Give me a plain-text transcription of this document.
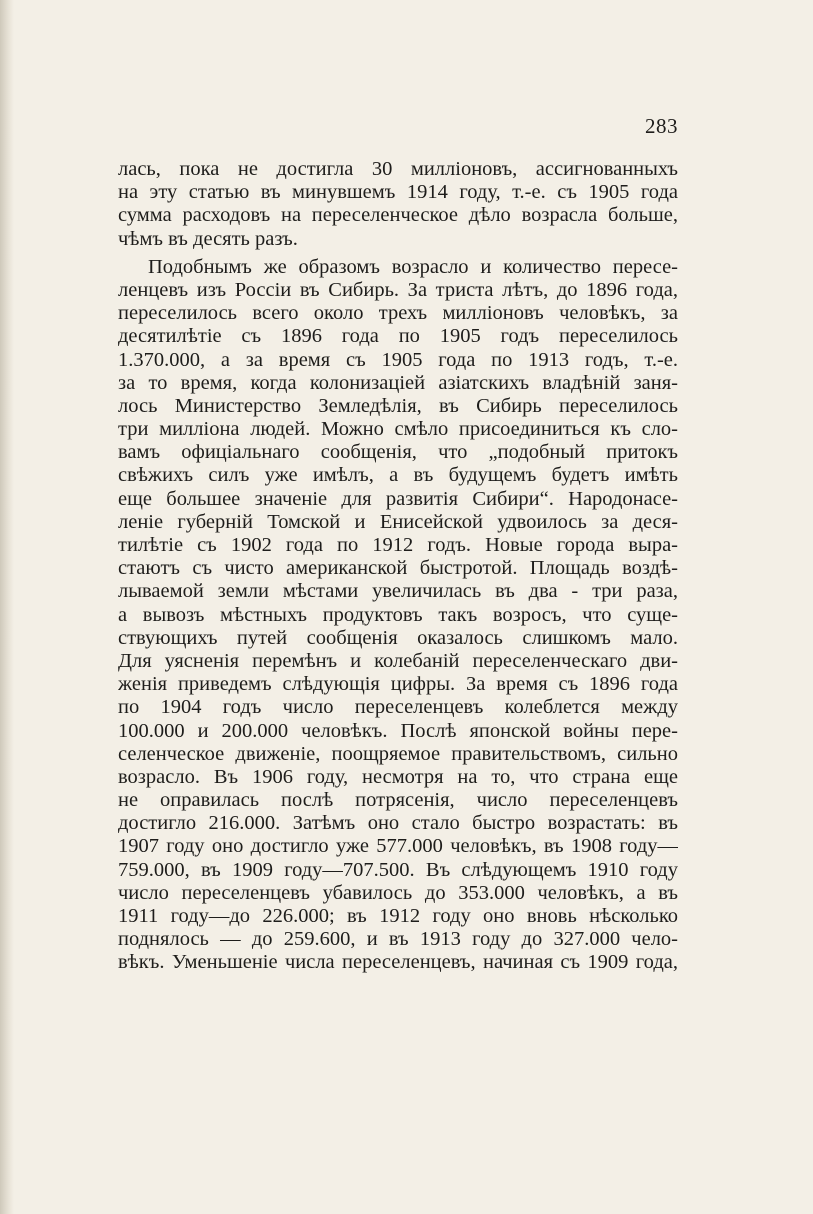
283
лась, пока не достигла 30 милліоновъ, ассигнованныхъ
на эту статью въ минувшемъ 1914 году, т.-е. съ 1905 года
сумма расходовъ на переселенческое дѣло возрасла больше,
чѣмъ въ десять разъ.
Подобнымъ же образомъ возрасло и количество пересе-
ленцевъ изъ Россіи въ Сибирь. За триста лѣтъ, до 1896 года,
переселилось всего около трехъ милліоновъ человѣкъ, за
десятилѣтіе съ 1896 года по 1905 годъ переселилось
1.370.000, а за время съ 1905 года по 1913 годъ, т.-е.
за то время, когда колонизаціей азіатскихъ владѣній заня-
лось Министерство Земледѣлія, въ Сибирь переселилось
три милліона людей. Можно смѣло присоединиться къ сло-
вамъ офиціальнаго сообщенія, что „подобный притокъ
свѣжихъ силъ уже имѣлъ, а въ будущемъ будетъ имѣть
еще большее значеніе для развитія Сибири“. Народонасе-
леніе губерній Томской и Енисейской удвоилось за деся-
тилѣтіе съ 1902 года по 1912 годъ. Новые города выра-
стаютъ съ чисто американской быстротой. Площадь воздѣ-
лываемой земли мѣстами увеличилась въ два - три раза,
а вывозъ мѣстныхъ продуктовъ такъ возросъ, что суще-
ствующихъ путей сообщенія оказалось слишкомъ мало.
Для уясненія перемѣнъ и колебаній переселенческаго дви-
женія приведемъ слѣдующія цифры. За время съ 1896 года
по 1904 годъ число переселенцевъ колеблется между
100.000 и 200.000 человѣкъ. Послѣ японской войны пере-
селенческое движеніе, поощряемое правительствомъ, сильно
возрасло. Въ 1906 году, несмотря на то, что страна еще
не оправилась послѣ потрясенія, число переселенцевъ
достигло 216.000. Затѣмъ оно стало быстро возрастать: въ
1907 году оно достигло уже 577.000 человѣкъ, въ 1908 году—
759.000, въ 1909 году—707.500. Въ слѣдующемъ 1910 году
число переселенцевъ убавилось до 353.000 человѣкъ, а въ
1911 году—до 226.000; въ 1912 году оно вновь нѣсколько
поднялось — до 259.600, и въ 1913 году до 327.000 чело-
вѣкъ. Уменьшеніе числа переселенцевъ, начиная съ 1909 года,
